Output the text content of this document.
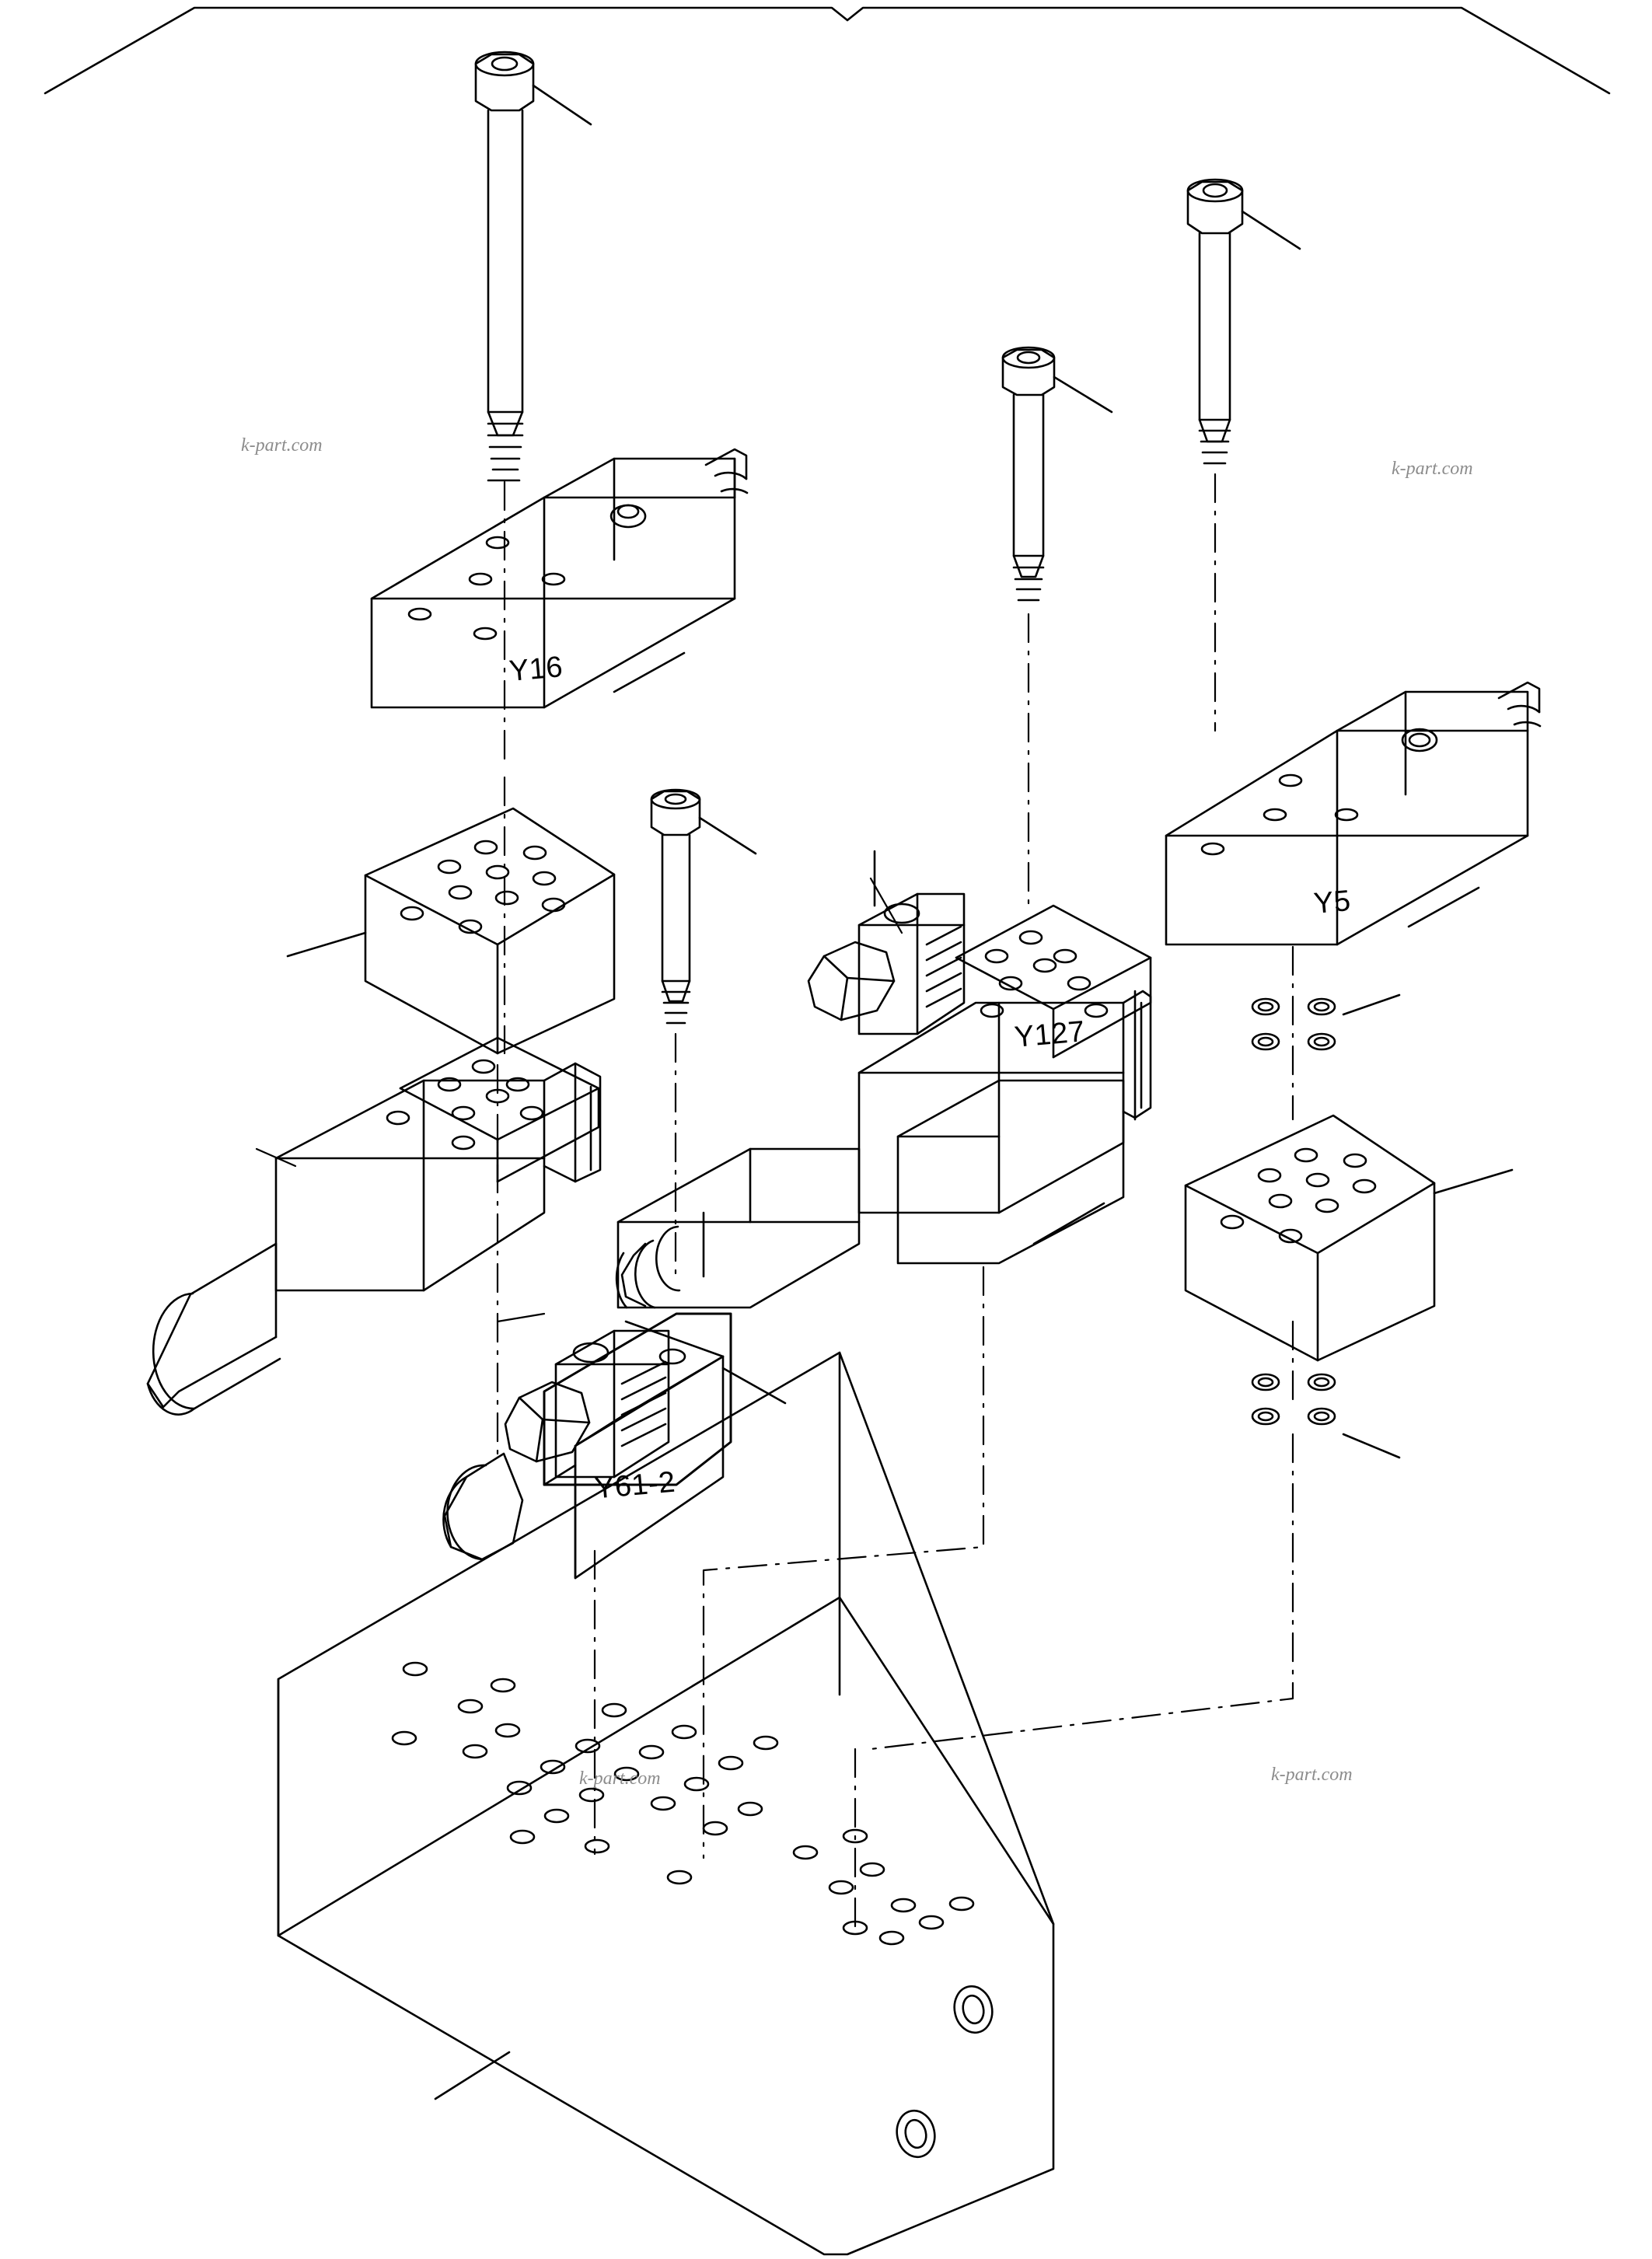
Y16
Y5
Y127
Y61-2
k-part.com
k-part.com
k-part.com	k-part.com
